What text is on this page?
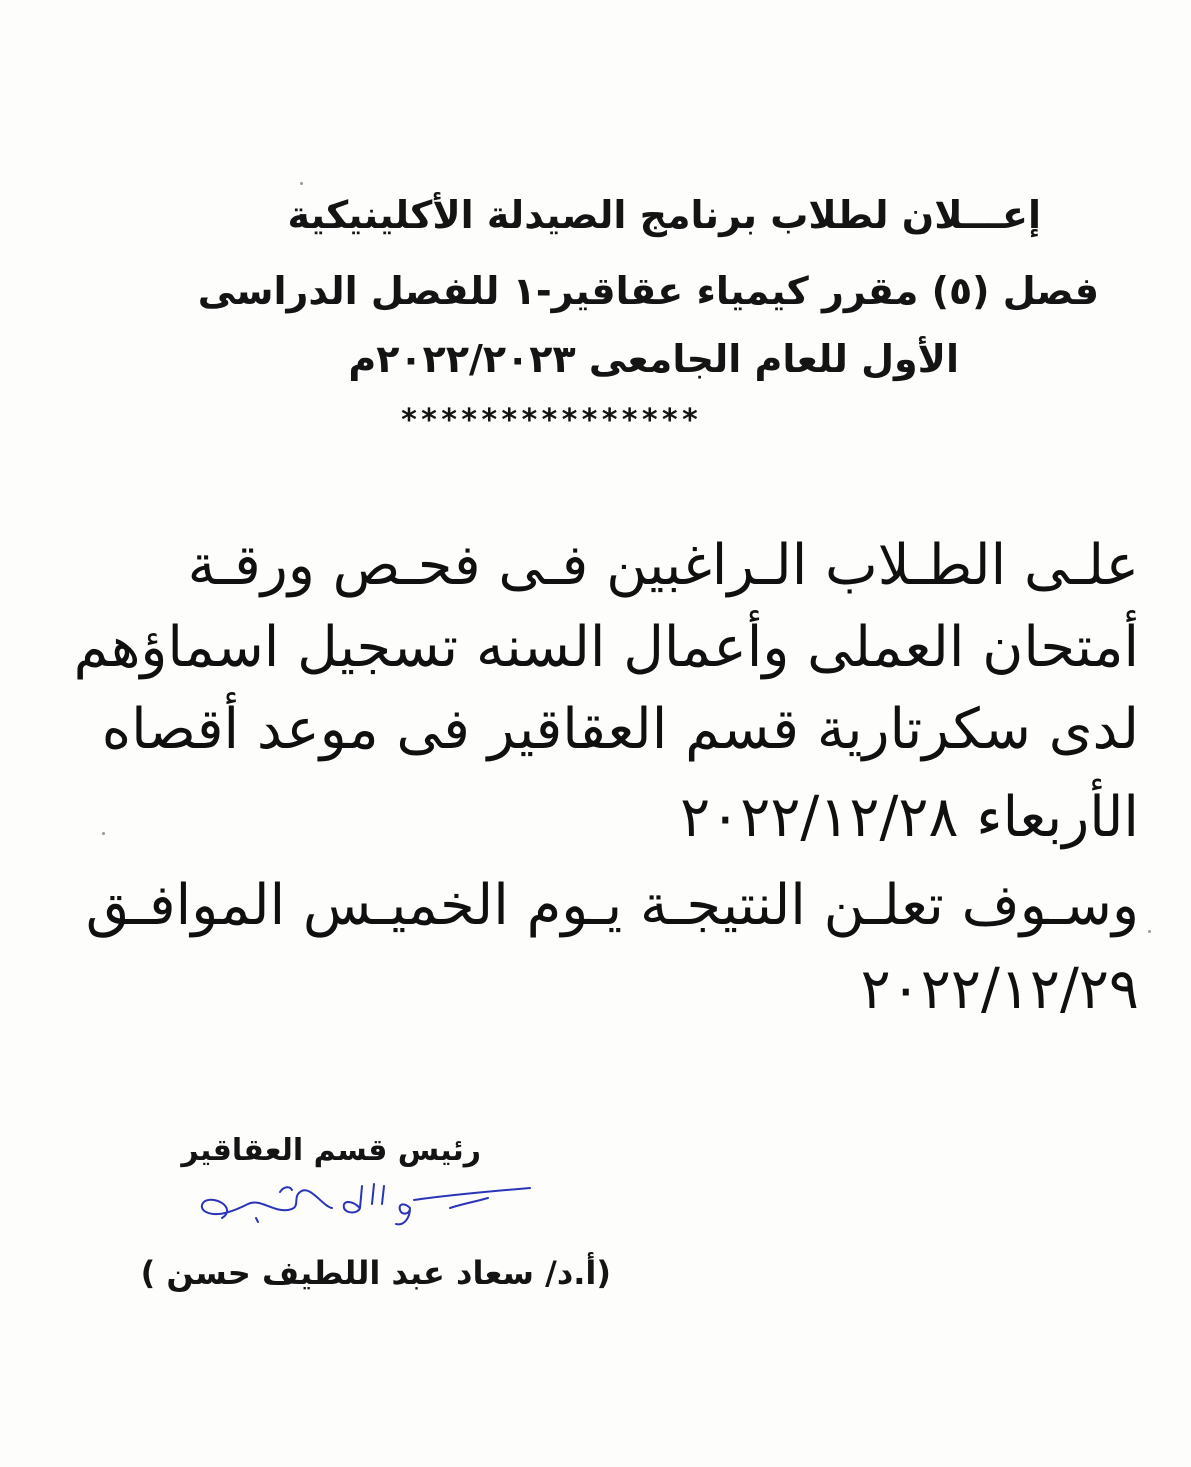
إعـــلان لطلاب برنامج الصيدلة الأكلينيكية
فصل (٥) مقرر كيمياء عقاقير-١ للفصل الدراسى
الأول للعام الجامعى ٢٠٢٢/٢٠٢٣م
***************
علـى الطـلاب الـراغبين فـى فحـص ورقـة
أمتحان العملى وأعمال السنه تسجيل اسماؤهم
لدى سكرتارية قسم العقاقير فى موعد أقصاه
الأربعاء ٢٠٢٢/١٢/٢٨
وسـوف تعلـن النتيجـة يـوم الخميـس الموافـق
٢٠٢٢/١٢/٢٩
رئيس قسم العقاقير
(أ.د/ سعاد عبد اللطيف حسن )
